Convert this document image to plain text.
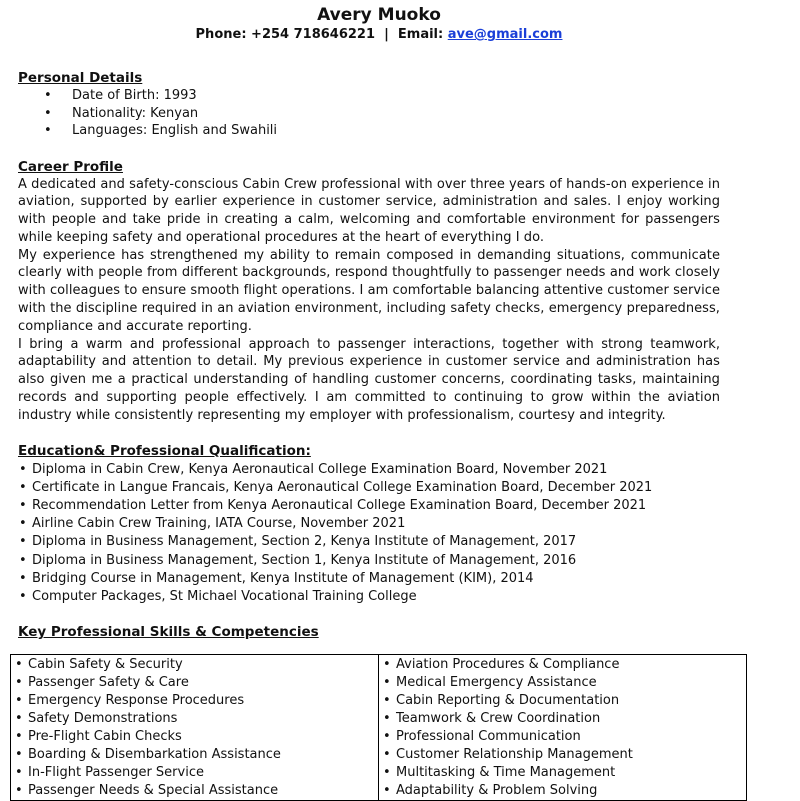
Avery Muoko
Phone: +254 718646221 | Email: ave@gmail.com
Personal Details
• Date of Birth: 1993
• Nationality: Kenyan
• Languages: English and Swahili
Career Profile

A dedicated and safety-conscious Cabin Crew professional with over three years of hands-on experience in aviation, supported by earlier experience in customer service, administration and sales. I enjoy working with people and take pride in creating a calm, welcoming and comfortable environment for passengers while keeping safety and operational procedures at the heart of everything I do.

My experience has strengthened my ability to remain composed in demanding situations, communicate clearly with people from different backgrounds, respond thoughtfully to passenger needs and work closely with colleagues to ensure smooth flight operations. I am comfortable balancing attentive customer service with the discipline required in an aviation environment, including safety checks, emergency preparedness, compliance and accurate reporting.

I bring a warm and professional approach to passenger interactions, together with strong teamwork, adaptability and attention to detail. My previous experience in customer service and administration has also given me a practical understanding of handling customer concerns, coordinating tasks, maintaining records and supporting people effectively. I am committed to continuing to grow within the aviation industry while consistently representing my employer with professionalism, courtesy and integrity.

Education& Professional Qualification:
• Diploma in Cabin Crew, Kenya Aeronautical College Examination Board, November 2021
• Certificate in Langue Francais, Kenya Aeronautical College Examination Board, December 2021
• Recommendation Letter from Kenya Aeronautical College Examination Board, December 2021
• Airline Cabin Crew Training, IATA Course, November 2021
• Diploma in Business Management, Section 2, Kenya Institute of Management, 2017
• Diploma in Business Management, Section 1, Kenya Institute of Management, 2016
• Bridging Course in Management, Kenya Institute of Management (KIM), 2014
• Computer Packages, St Michael Vocational Training College
Key Professional Skills & Competencies
• Cabin Safety & Security
• Passenger Safety & Care
• Emergency Response Procedures
• Safety Demonstrations
• Pre-Flight Cabin Checks
• Boarding & Disembarkation Assistance
• In-Flight Passenger Service
• Passenger Needs & Special Assistance

• Aviation Procedures & Compliance
• Medical Emergency Assistance
• Cabin Reporting & Documentation
• Teamwork & Crew Coordination
• Professional Communication
• Customer Relationship Management
• Multitasking & Time Management
• Adaptability & Problem Solving
